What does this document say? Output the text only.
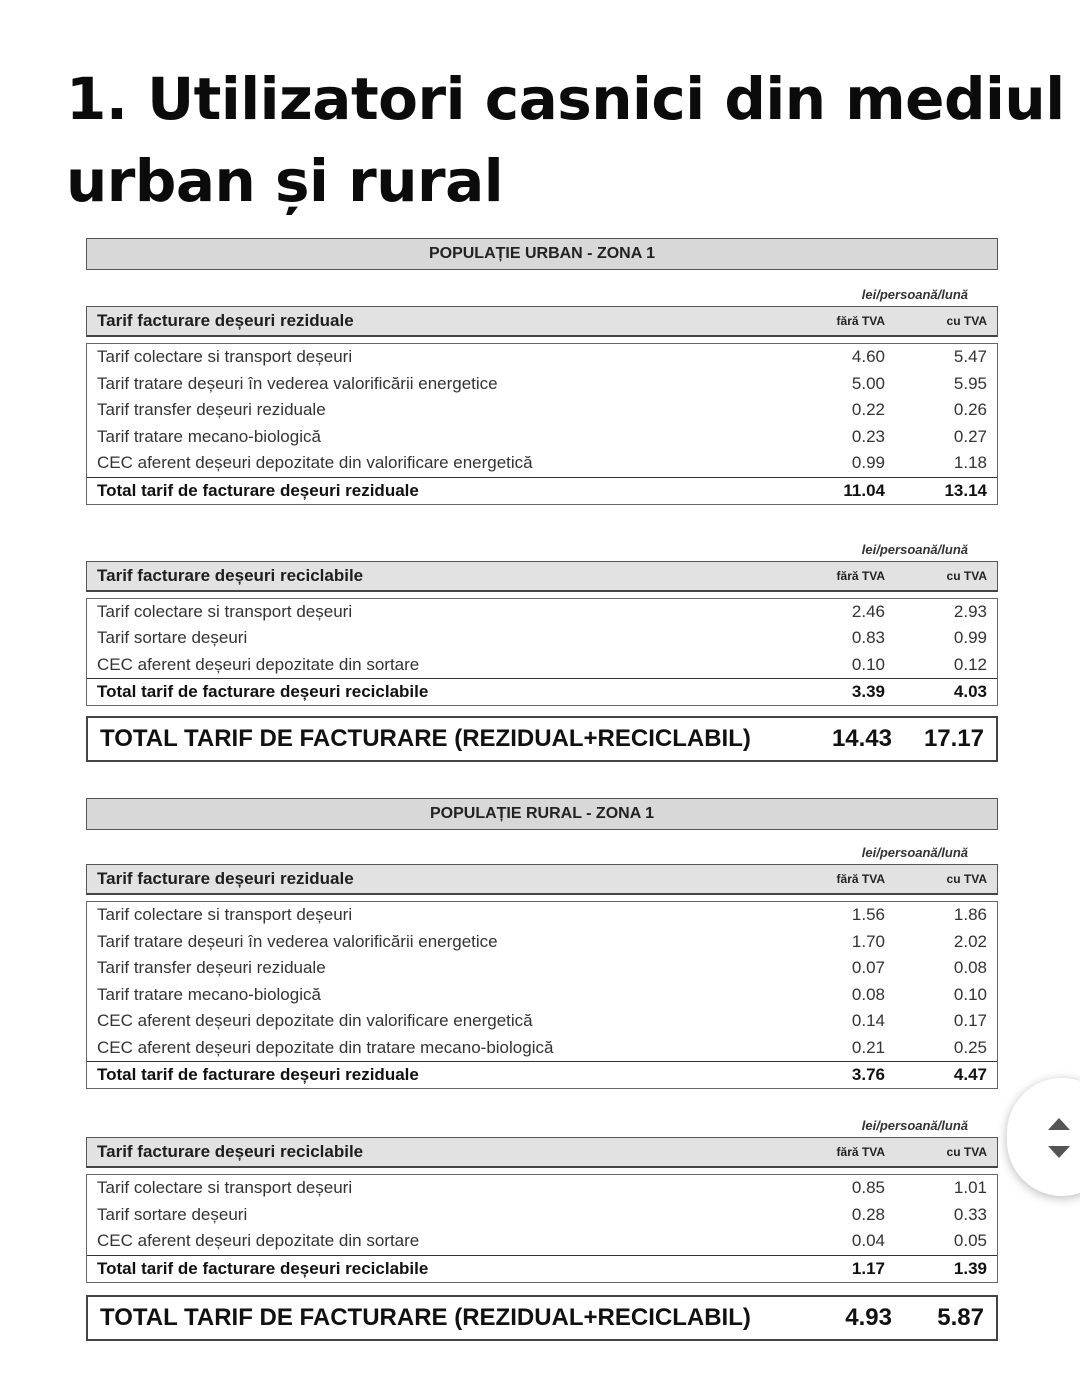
1. Utilizatori casnici din mediul urban și rural
POPULAȚIE URBAN - ZONA 1
lei/persoană/lună
Tarif facturare deșeuri reziduale	fără TVA	cu TVA
Tarif colectare si transport deșeuri	4.60	5.47
Tarif tratare deșeuri în vederea valorificării energetice	5.00	5.95
Tarif transfer deșeuri reziduale	0.22	0.26
Tarif tratare mecano-biologică	0.23	0.27
CEC aferent deșeuri depozitate din valorificare energetică	0.99	1.18
Total tarif de facturare deșeuri reziduale	11.04	13.14
lei/persoană/lună
Tarif facturare deșeuri reciclabile	fără TVA	cu TVA
Tarif colectare si transport deșeuri	2.46	2.93
Tarif sortare deșeuri	0.83	0.99
CEC aferent deșeuri depozitate din sortare	0.10	0.12
Total tarif de facturare deșeuri reciclabile	3.39	4.03
TOTAL TARIF DE FACTURARE (REZIDUAL+RECICLABIL)	14.43	17.17
POPULAȚIE RURAL - ZONA 1
lei/persoană/lună
Tarif facturare deșeuri reziduale	fără TVA	cu TVA
Tarif colectare si transport deșeuri	1.56	1.86
Tarif tratare deșeuri în vederea valorificării energetice	1.70	2.02
Tarif transfer deșeuri reziduale	0.07	0.08
Tarif tratare mecano-biologică	0.08	0.10
CEC aferent deșeuri depozitate din valorificare energetică	0.14	0.17
CEC aferent deșeuri depozitate din tratare mecano-biologică	0.21	0.25
Total tarif de facturare deșeuri reziduale	3.76	4.47
lei/persoană/lună
Tarif facturare deșeuri reciclabile	fără TVA	cu TVA
Tarif colectare si transport deșeuri	0.85	1.01
Tarif sortare deșeuri	0.28	0.33
CEC aferent deșeuri depozitate din sortare	0.04	0.05
Total tarif de facturare deșeuri reciclabile	1.17	1.39
TOTAL TARIF DE FACTURARE (REZIDUAL+RECICLABIL)	4.93	5.87
